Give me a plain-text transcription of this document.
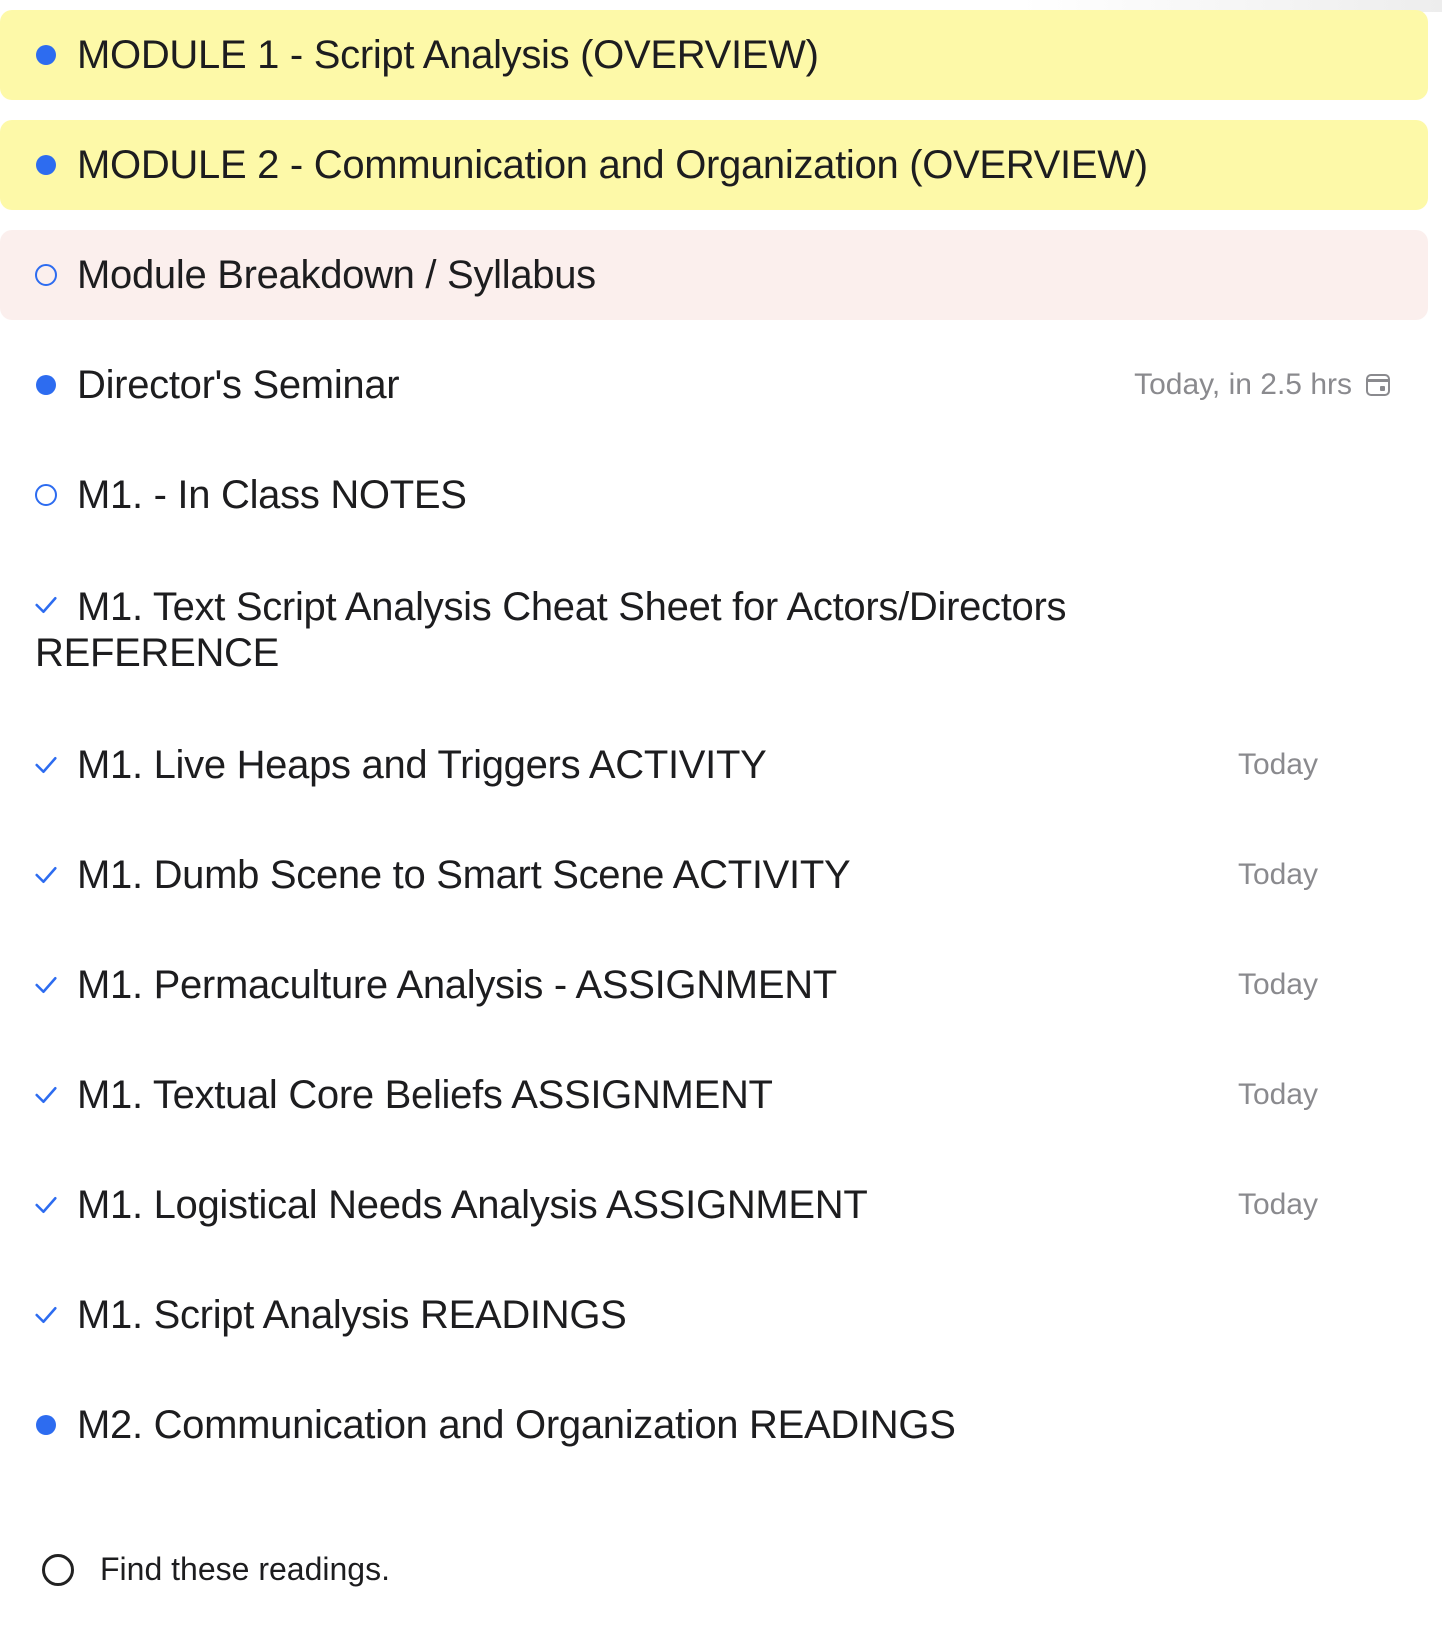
MODULE 1 - Script Analysis (OVERVIEW)
MODULE 2 - Communication and Organization (OVERVIEW)
Module Breakdown / Syllabus
Director's Seminar	Today, in 2.5 hrs
M1. - In Class NOTES
M1. Text Script Analysis Cheat Sheet for Actors/Directors REFERENCE
M1. Live Heaps and Triggers ACTIVITY	Today
M1. Dumb Scene to Smart Scene ACTIVITY	Today
M1. Permaculture Analysis - ASSIGNMENT	Today
M1. Textual Core Beliefs ASSIGNMENT	Today
M1. Logistical Needs Analysis ASSIGNMENT	Today
M1. Script Analysis READINGS
M2. Communication and Organization READINGS
Find these readings.
